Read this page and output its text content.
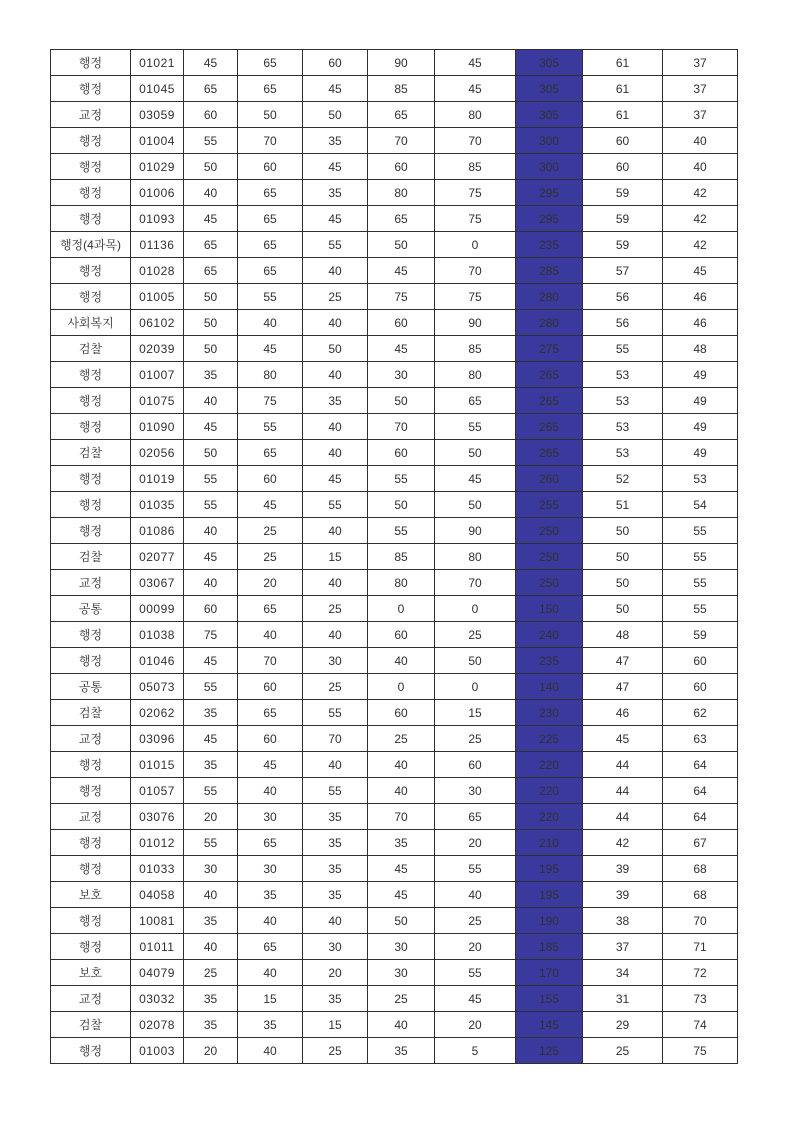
행정	01021	45	65	60	90	45	305	61	37
행정	01045	65	65	45	85	45	305	61	37
교정	03059	60	50	50	65	80	305	61	37
행정	01004	55	70	35	70	70	300	60	40
행정	01029	50	60	45	60	85	300	60	40
행정	01006	40	65	35	80	75	295	59	42
행정	01093	45	65	45	65	75	295	59	42
행정(4과목)	01136	65	65	55	50	0	235	59	42
행정	01028	65	65	40	45	70	285	57	45
행정	01005	50	55	25	75	75	280	56	46
사회복지	06102	50	40	40	60	90	280	56	46
검찰	02039	50	45	50	45	85	275	55	48
행정	01007	35	80	40	30	80	265	53	49
행정	01075	40	75	35	50	65	265	53	49
행정	01090	45	55	40	70	55	265	53	49
검찰	02056	50	65	40	60	50	265	53	49
행정	01019	55	60	45	55	45	260	52	53
행정	01035	55	45	55	50	50	255	51	54
행정	01086	40	25	40	55	90	250	50	55
검찰	02077	45	25	15	85	80	250	50	55
교정	03067	40	20	40	80	70	250	50	55
공통	00099	60	65	25	0	0	150	50	55
행정	01038	75	40	40	60	25	240	48	59
행정	01046	45	70	30	40	50	235	47	60
공통	05073	55	60	25	0	0	140	47	60
검찰	02062	35	65	55	60	15	230	46	62
교정	03096	45	60	70	25	25	225	45	63
행정	01015	35	45	40	40	60	220	44	64
행정	01057	55	40	55	40	30	220	44	64
교정	03076	20	30	35	70	65	220	44	64
행정	01012	55	65	35	35	20	210	42	67
행정	01033	30	30	35	45	55	195	39	68
보호	04058	40	35	35	45	40	195	39	68
행정	10081	35	40	40	50	25	190	38	70
행정	01011	40	65	30	30	20	185	37	71
보호	04079	25	40	20	30	55	170	34	72
교정	03032	35	15	35	25	45	155	31	73
검찰	02078	35	35	15	40	20	145	29	74
행정	01003	20	40	25	35	5	125	25	75
